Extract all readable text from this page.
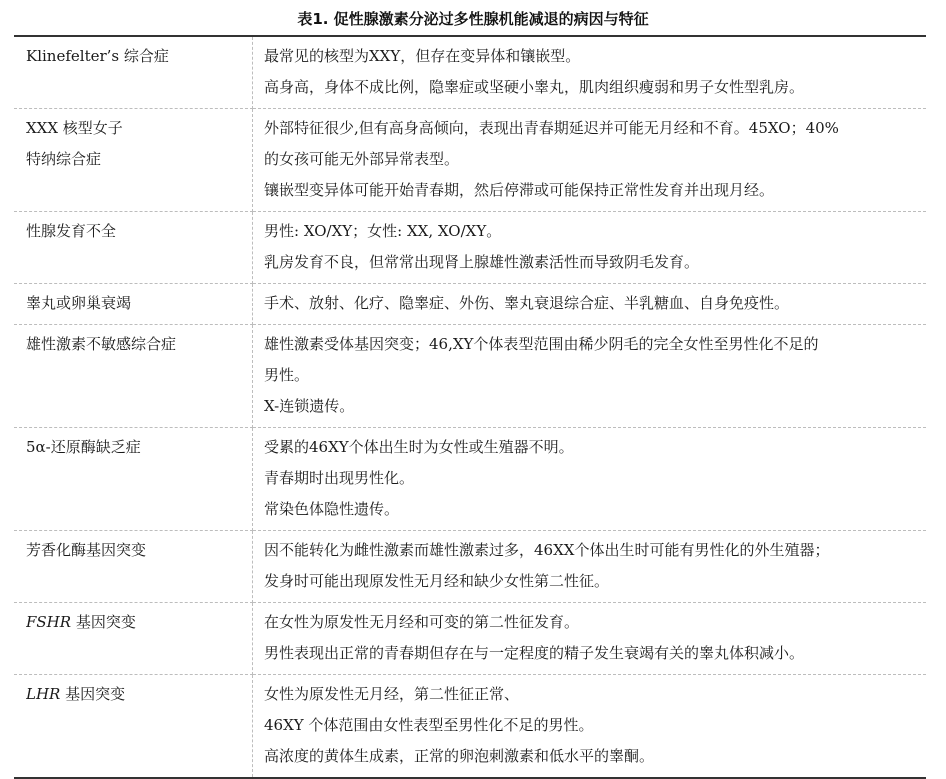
表1. 促性腺激素分泌过多性腺机能减退的病因与特征
Klinefelter’s 综合症	最常见的核型为XXY，但存在变异体和镶嵌型。
高身高，身体不成比例，隐睾症或坚硬小睾丸，肌肉组织瘦弱和男子女性型乳房。

XXX 核型女子
特纳综合症	外部特征很少,但有高身高倾向，表现出青春期延迟并可能无月经和不育。45XO；40%
的女孩可能无外部异常表型。
镶嵌型变异体可能开始青春期，然后停滞或可能保持正常性发育并出现月经。

性腺发育不全	男性: XO/XY；女性: XX, XO/XY。
乳房发育不良，但常常出现肾上腺雄性激素活性而导致阴毛发育。

睾丸或卵巢衰竭	手术、放射、化疗、隐睾症、外伤、睾丸衰退综合症、半乳糖血、自身免疫性。

雄性激素不敏感综合症	雄性激素受体基因突变；46,XY个体表型范围由稀少阴毛的完全女性至男性化不足的
男性。
X-连锁遗传。

5α-还原酶缺乏症	受累的46XY个体出生时为女性或生殖器不明。
青春期时出现男性化。
常染色体隐性遗传。

芳香化酶基因突变	因不能转化为雌性激素而雄性激素过多，46XX个体出生时可能有男性化的外生殖器；
发身时可能出现原发性无月经和缺少女性第二性征。

FSHR 基因突变	在女性为原发性无月经和可变的第二性征发育。
男性表现出正常的青春期但存在与一定程度的精子发生衰竭有关的睾丸体积减小。

LHR 基因突变	女性为原发性无月经，第二性征正常、
46XY 个体范围由女性表型至男性化不足的男性。
高浓度的黄体生成素，正常的卵泡刺激素和低水平的睾酮。
